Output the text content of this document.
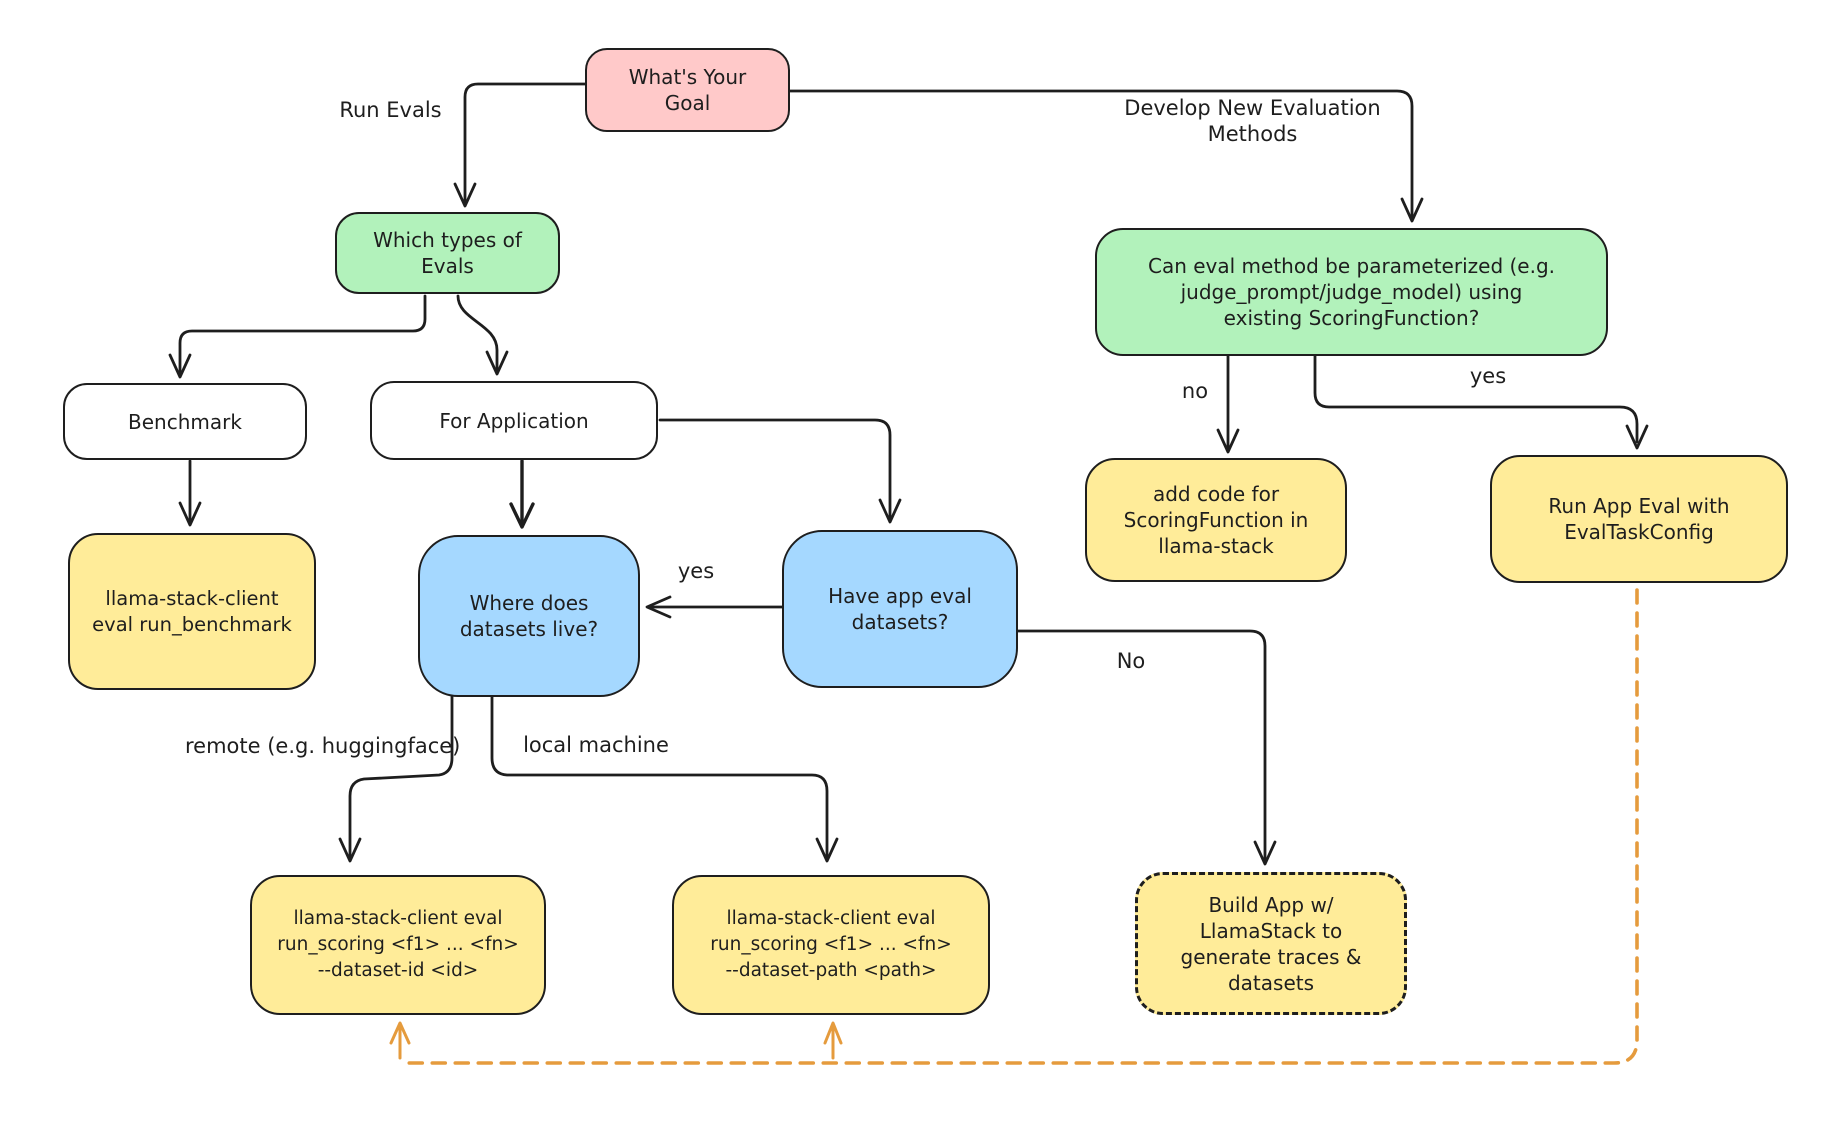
What's Your
Goal
Which types of
Evals
Benchmark	For Application
llama-stack-client
eval run_benchmark
Where does
datasets live?
Have app eval
datasets?
Can eval method be parameterized (e.g.
judge_prompt/judge_model) using
existing ScoringFunction?
add code for
ScoringFunction in
llama-stack
Run App Eval with
EvalTaskConfig
llama-stack-client eval
run_scoring <f1> ... <fn>
--dataset-id <id>
llama-stack-client eval
run_scoring <f1> ... <fn>
--dataset-path <path>
Build App w/
LlamaStack to
generate traces &
datasets
Run Evals	Develop New Evaluation
Methods
no
yes
yes
No
remote (e.g. huggingface)	local machine
